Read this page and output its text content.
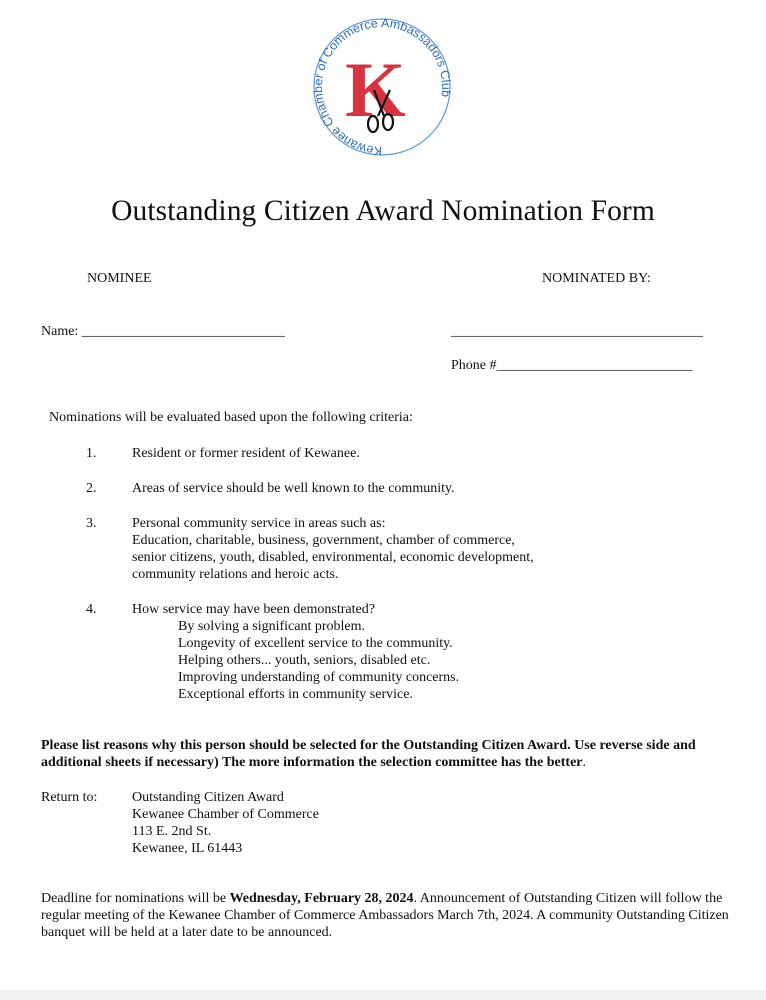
Kewanee Chamber of Commerce Ambassadors Club
K
Outstanding Citizen Award Nomination Form
NOMINEE	NOMINATED BY:
Name: _____________________________	____________________________________
Phone #____________________________
Nominations will be evaluated based upon the following criteria:
1.	Resident or former resident of Kewanee.
2.	Areas of service should be well known to the community.
3.	Personal community service in areas such as:
Education, charitable, business, government, chamber of commerce,
senior citizens, youth, disabled, environmental, economic development,
community relations and heroic acts.
4.	How service may have been demonstrated?
By solving a significant problem.
Longevity of excellent service to the community.
Helping others... youth, seniors, disabled etc.
Improving understanding of community concerns.
Exceptional efforts in community service.
Please list reasons why this person should be selected for the Outstanding Citizen Award. Use reverse side and additional sheets if necessary) The more information the selection committee has the better.
Return to: Outstanding Citizen Award
Kewanee Chamber of Commerce
113 E. 2nd St.
Kewanee, IL 61443
Deadline for nominations will be Wednesday, February 28, 2024. Announcement of Outstanding Citizen will follow the regular meeting of the Kewanee Chamber of Commerce Ambassadors March 7th, 2024. A community Outstanding Citizen banquet will be held at a later date to be announced.
